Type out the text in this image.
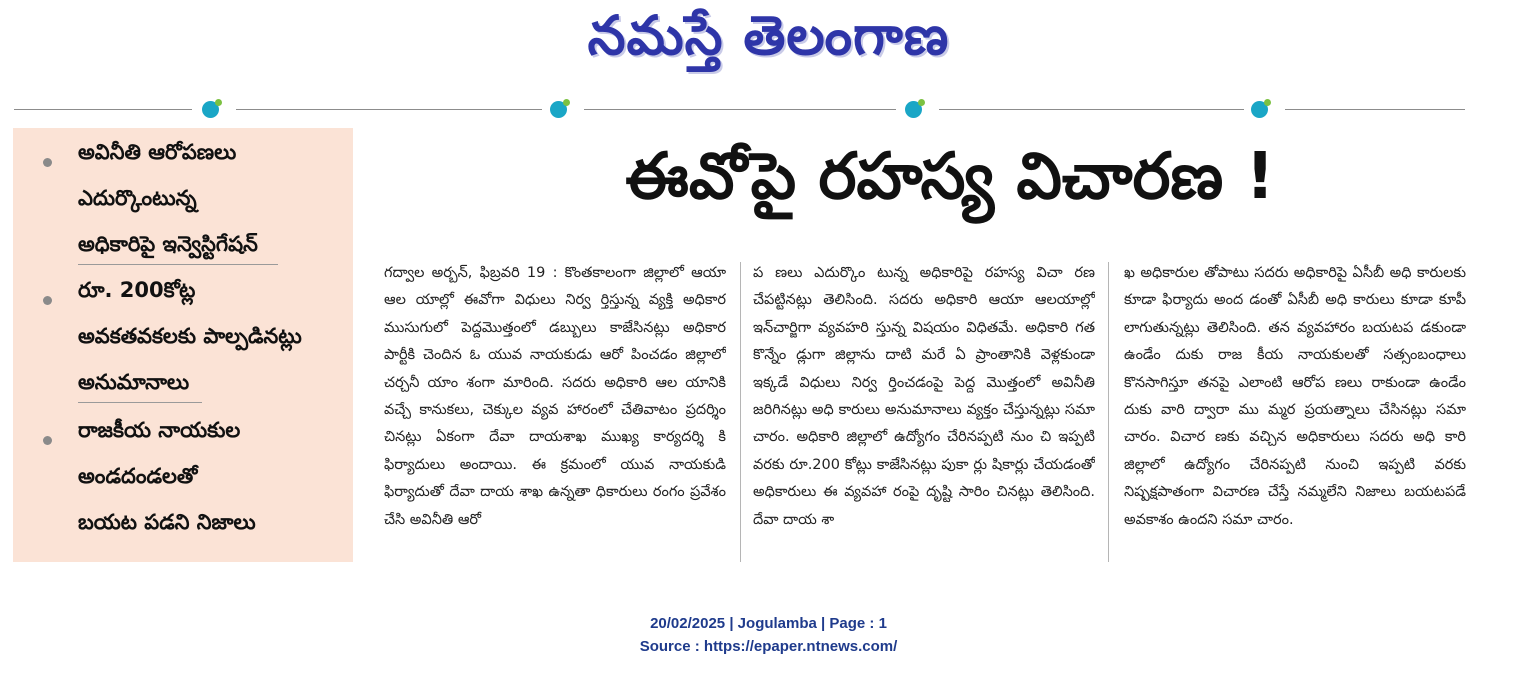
నమస్తే తెలంగాణ
అవినీతి ఆరోపణలు
ఎదుర్కొంటున్న
అధికారిపై ఇన్వెస్టిగేషన్
రూ. 200కోట్ల
అవకతవకలకు పాల్పడినట్లు
అనుమానాలు
రాజకీయ నాయకుల
అండదండలతో
బయట పడని నిజాలు
ఈవోపై రహస్య విచారణ !
గద్వాల అర్బన్, ఫిబ్రవరి 19 : కొంతకాలంగా జిల్లాలో ఆయా ఆల యాల్లో ఈవోగా విధులు నిర్వ ర్తిస్తున్న వ్యక్తి అధికార ముసుగులో పెద్దమొత్తంలో డబ్బులు కాజేసినట్లు అధికార పార్టీకి చెందిన ఓ యువ నాయకుడు ఆరో పించడం జిల్లాలో చర్చనీ యాం శంగా మారింది. సదరు అధికారి ఆల యానికి వచ్చే కానుకలు, చెక్కుల వ్యవ హారంలో చేతివాటం ప్రదర్శిం చినట్లు ఏకంగా దేవా దాయశాఖ ముఖ్య కార్యదర్శి కి ఫిర్యాదులు అందాయి. ఈ క్రమంలో యువ నాయకుడి ఫిర్యాదుతో దేవా దాయ శాఖ ఉన్నతా ధికారులు రంగం ప్రవేశం చేసి అవినీతి ఆరో
ప ణలు ఎదుర్కొం టున్న అధికారిపై రహస్య విచా రణ చేపట్టినట్లు తెలిసింది. సదరు అధికారి ఆయా ఆలయాల్లో ఇన్‌చార్జిగా వ్యవహరి స్తున్న విషయం విధితమే. అధికారి గత కొన్నేం డ్లుగా జిల్లాను దాటి మరే ఏ ప్రాంతానికి వెళ్లకుండా ఇక్కడే విధులు నిర్వ ర్తించడంపై పెద్ద మొత్తంలో అవినీతి జరిగినట్లు అధి కారులు అనుమానాలు వ్యక్తం చేస్తున్నట్లు సమా చారం. అధికారి జిల్లాలో ఉద్యోగం చేరినప్పటి నుం చి ఇప్పటి వరకు రూ.200 కోట్లు కాజేసినట్లు పుకా ర్లు షికార్లు చేయడంతో అధికారులు ఈ వ్యవహా రంపై దృష్టి సారిం చినట్లు తెలిసింది. దేవా దాయ శా
ఖ అధికారుల తోపాటు సదరు అధికారిపై ఏసీబీ అధి కారులకు కూడా ఫిర్యాదు అంద డంతో ఏసీబీ అధి కారులు కూడా కూపీ లాగుతున్నట్లు తెలిసింది. తన వ్యవహారం బయటప డకుండా ఉండేం దుకు రాజ కీయ నాయకులతో సత్సంబంధాలు కొనసాగిస్తూ తనపై ఎలాంటి ఆరోప ణలు రాకుండా ఉండేం దుకు వారి ద్వారా ము మ్మర ప్రయత్నాలు చేసినట్లు సమా చారం. విచార ణకు వచ్చిన అధికారులు సదరు అధి కారి జిల్లాలో ఉద్యోగం చేరినప్పటి నుంచి ఇప్పటి వరకు నిష్పక్షపాతంగా విచారణ చేస్తే నమ్మలేని నిజాలు బయటపడే అవకాశం ఉందని సమా చారం.
20/02/2025 | Jogulamba | Page : 1
Source : https://epaper.ntnews.com/
